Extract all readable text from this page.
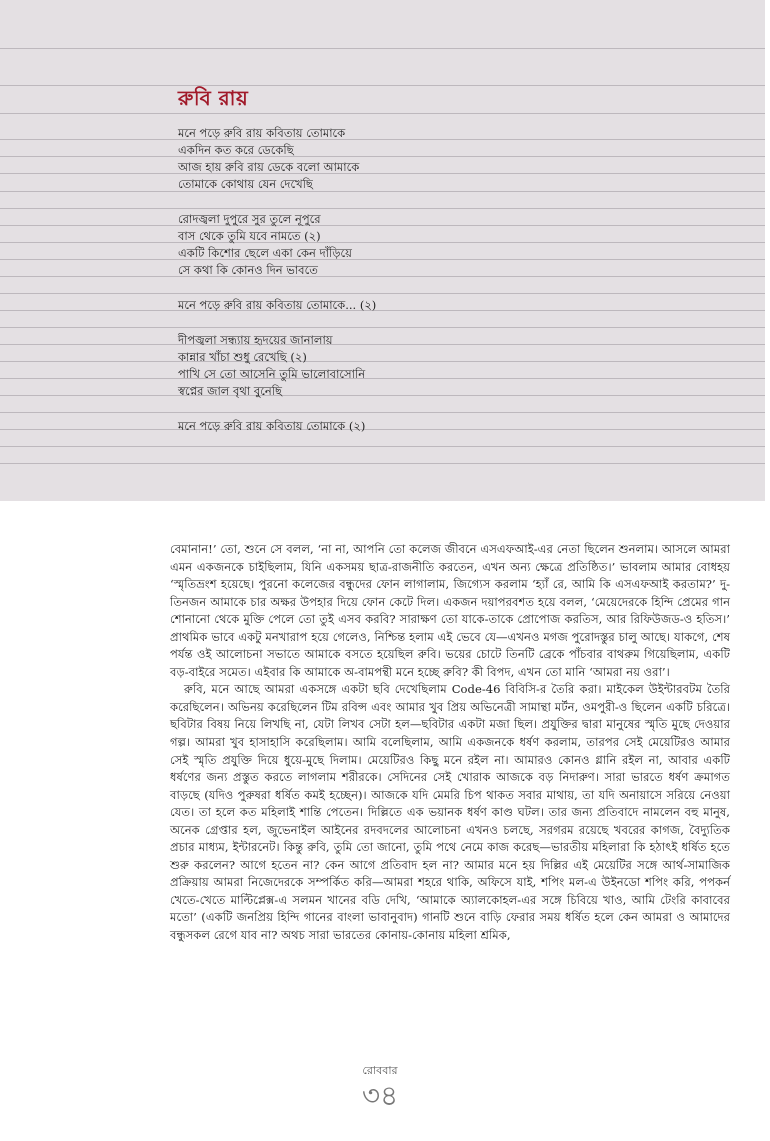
রুবি রায়
মনে পড়ে রুবি রায় কবিতায় তোমাকে
একদিন কত করে ডেকেছি
আজ হায় রুবি রায় ডেকে বলো আমাকে
তোমাকে কোথায় যেন দেখেছি
রোদজ্বলা দুপুরে সুর তুলে নূপুরে
বাস থেকে তুমি যবে নামতে (২)
একটি কিশোর ছেলে একা কেন দাঁড়িয়ে
সে কথা কি কোনও দিন ভাবতে
মনে পড়ে রুবি রায় কবিতায় তোমাকে... (২)
দীপজ্বলা সন্ধ্যায় হৃদয়ের জানালায়
কান্নার খাঁচা শুধু রেখেছি (২)
পাখি সে তো আসেনি তুমি ভালোবাসোনি
স্বপ্নের জাল বৃথা বুনেছি
মনে পড়ে রুবি রায় কবিতায় তোমাকে (২)

বেমানান!’ তো, শুনে সে বলল, ‘না না, আপনি তো কলেজ জীবনে এসএফআই-এর নেতা ছিলেন শুনলাম। আসলে আমরা এমন একজনকে চাইছিলাম, যিনি একসময় ছাত্র-রাজনীতি করতেন, এখন অন্য ক্ষেত্রে প্রতিষ্ঠিত।’ ভাবলাম আমার বোধহয় ‘স্মৃতিভ্রংশ হয়েছে। পুরনো কলেজের বন্ধুদের ফোন লাগালাম, জিগ্যেস করলাম ‘হ্যাঁ রে, আমি কি এসএফআই করতাম?’ দু-তিনজন আমাকে চার অক্ষর উপহার দিয়ে ফোন কেটে দিল। একজন দয়াপরবশত হয়ে বলল, ‘মেয়েদেরকে হিন্দি প্রেমের গান শোনানো থেকে মুক্তি পেলে তো তুই এসব করবি? সারাক্ষণ তো যাকে-তাকে প্রোপোজ করতিস, আর রিফিউজড-ও হতিস।’ প্রাথমিক ভাবে একটু মনখারাপ হয়ে গেলেও, নিশ্চিন্ত হলাম এই ভেবে যে—এখনও মগজ পুরোদস্তুর চালু আছে। যাকগে, শেষ পর্যন্ত ওই আলোচনা সভাতে আমাকে বসতে হয়েছিল রুবি। ভয়ের চোটে তিনটি ব্রেকে পাঁচবার বাথরুম গিয়েছিলাম, একটি বড়-বাইরে সমেত। এইবার কি আমাকে অ-বামপন্থী মনে হচ্ছে রুবি? কী বিপদ, এখন তো মানি ‘আমরা নয় ওরা’।

রুবি, মনে আছে আমরা একসঙ্গে একটা ছবি দেখেছিলাম Code-46 বিবিসি-র তৈরি করা। মাইকেল উইন্টারবটম তৈরি করেছিলেন। অভিনয় করেছিলেন টিম রবিন্স এবং আমার খুব প্রিয় অভিনেত্রী সামান্থা মর্টন, ওমপুরী-ও ছিলেন একটি চরিত্রে। ছবিটার বিষয় নিয়ে লিখছি না, যেটা লিখব সেটা হল—ছবিটার একটা মজা ছিল। প্রযুক্তির দ্বারা মানুষের স্মৃতি মুছে দেওয়ার গল্প। আমরা খুব হাসাহাসি করেছিলাম। আমি বলেছিলাম, আমি একজনকে ধর্ষণ করলাম, তারপর সেই মেয়েটিরও আমার সেই স্মৃতি প্রযুক্তি দিয়ে ধুয়ে-মুছে দিলাম। মেয়েটিরও কিছু মনে রইল না। আমারও কোনও গ্লানি রইল না, আবার একটি ধর্ষণের জন্য প্রস্তুত করতে লাগলাম শরীরকে। সেদিনের সেই খোরাক আজকে বড় নিদারুণ। সারা ভারতে ধর্ষণ ক্রমাগত বাড়ছে (যদিও পুরুষরা ধর্ষিত কমই হচ্ছেন)। আজকে যদি মেমরি চিপ থাকত সবার মাথায়, তা যদি অনায়াসে সরিয়ে নেওয়া যেত। তা হলে কত মহিলাই শান্তি পেতেন। দিল্লিতে এক ভয়ানক ধর্ষণ কাণ্ড ঘটল। তার জন্য প্রতিবাদে নামলেন বহু মানুষ, অনেক গ্রেপ্তার হল, জুভেনাইল আইনের রদবদলের আলোচনা এখনও চলছে, সরগরম রয়েছে খবরের কাগজ, বৈদ্যুতিক প্রচার মাধ্যম, ইন্টারনেট। কিন্তু রুবি, তুমি তো জানো, তুমি পথে নেমে কাজ করেছ—ভারতীয় মহিলারা কি হঠাৎই ধর্ষিত হতে শুরু করলেন? আগে হতেন না? কেন আগে প্রতিবাদ হল না? আমার মনে হয় দিল্লির এই মেয়েটির সঙ্গে আর্থ-সামাজিক প্রক্রিয়ায় আমরা নিজেদেরকে সম্পর্কিত করি—আমরা শহরে থাকি, অফিসে যাই, শপিং মল-এ উইনডো শপিং করি, পপকর্ন খেতে-খেতে মাল্টিপ্লেক্স-এ সলমন খানের বডি দেখি, ‘আমাকে অ্যালকোহল-এর সঙ্গে চিবিয়ে খাও, আমি টেংরি কাবাবের মতো’ (একটি জনপ্রিয় হিন্দি গানের বাংলা ভাবানুবাদ) গানটি শুনে বাড়ি ফেরার সময় ধর্ষিত হলে কেন আমরা ও আমাদের বন্ধুসকল রেগে যাব না? অথচ সারা ভারতের কোনায়-কোনায় মহিলা শ্রমিক,

রোববার
৩৪
